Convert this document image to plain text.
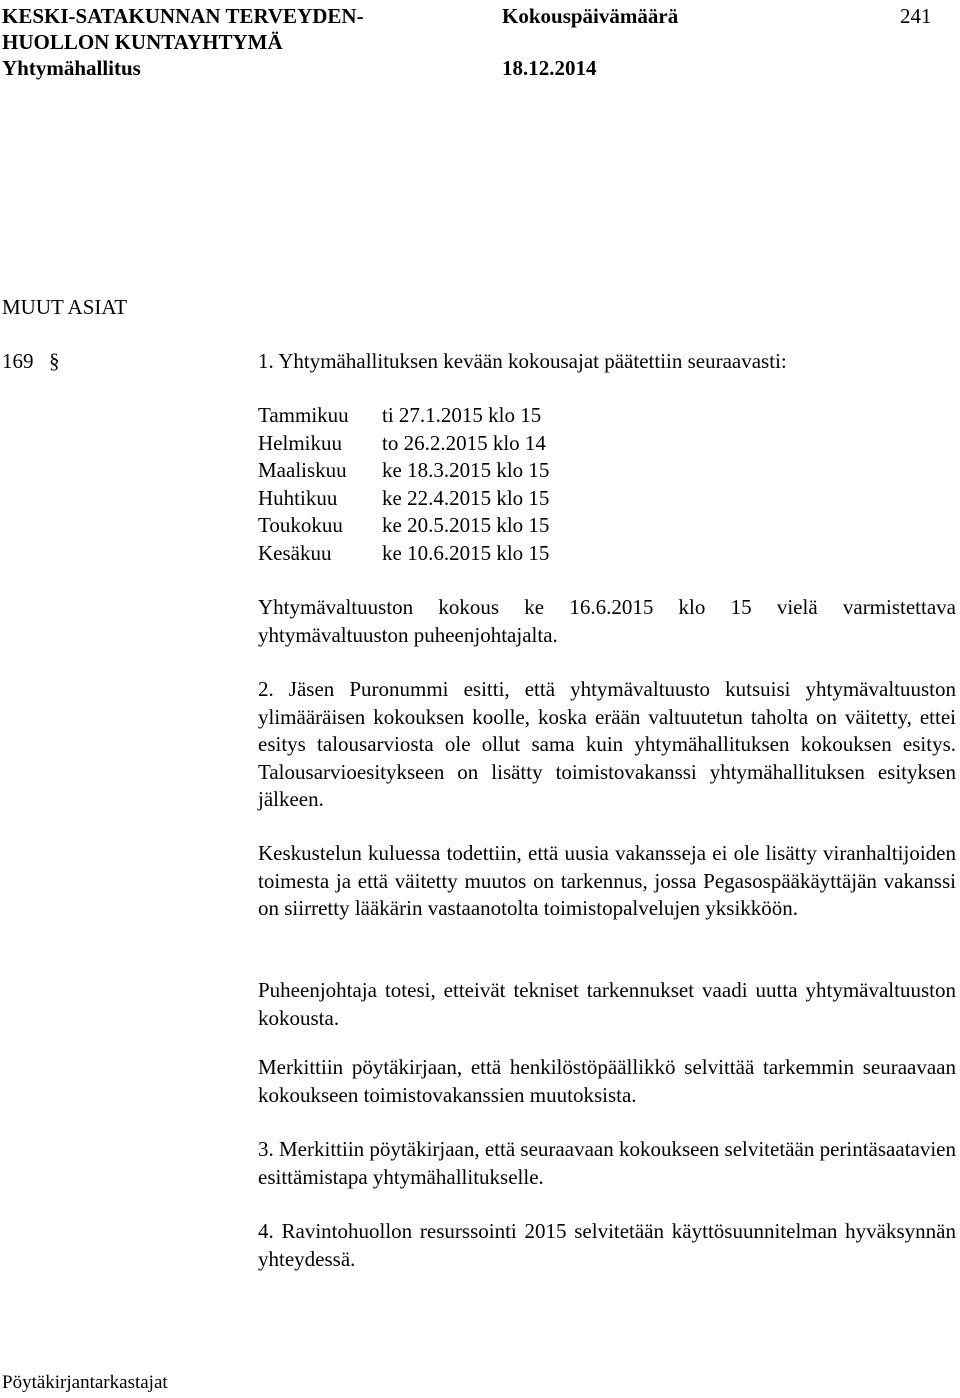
KESKI-SATAKUNNAN TERVEYDEN-
HUOLLON KUNTAYHTYMÄ
Yhtymähallitus
Kokouspäivämäärä
18.12.2014
241
MUUT ASIAT
169 §	1. Yhtymähallituksen kevään kokousajat päätettiin seuraavasti:
Tammikuu	ti 27.1.2015 klo 15
Helmikuu	to 26.2.2015 klo 14
Maaliskuu	ke 18.3.2015 klo 15
Huhtikuu	ke 22.4.2015 klo 15
Toukokuu	ke 20.5.2015 klo 15
Kesäkuu	ke 10.6.2015 klo 15

Yhtymävaltuuston kokous ke 16.6.2015 klo 15 vielä varmistettava yhtymävaltuuston puheenjohtajalta.

2. Jäsen Puronummi esitti, että yhtymävaltuusto kutsuisi yhtymävaltuuston ylimääräisen kokouksen koolle, koska erään valtuutetun taholta on väitetty, ettei esitys talousarviosta ole ollut sama kuin yhtymähallituksen kokouksen esitys. Talousarvioesitykseen on lisätty toimistovakanssi yhtymähallituksen esityksen jälkeen.

Keskustelun kuluessa todettiin, että uusia vakansseja ei ole lisätty viranhaltijoiden toimesta ja että väitetty muutos on tarkennus, jossa Pegasospääkäyttäjän vakanssi on siirretty lääkärin vastaanotolta toimistopalvelujen yksikköön.

Puheenjohtaja totesi, etteivät tekniset tarkennukset vaadi uutta yhtymävaltuuston kokousta.

Merkittiin pöytäkirjaan, että henkilöstöpäällikkö selvittää tarkemmin seuraavaan kokoukseen toimistovakanssien muutoksista.

3. Merkittiin pöytäkirjaan, että seuraavaan kokoukseen selvitetään perintäsaatavien esittämistapa yhtymähallitukselle.

4. Ravintohuollon resurssointi 2015 selvitetään käyttösuunnitelman hyväksynnän yhteydessä.

Pöytäkirjantarkastajat
